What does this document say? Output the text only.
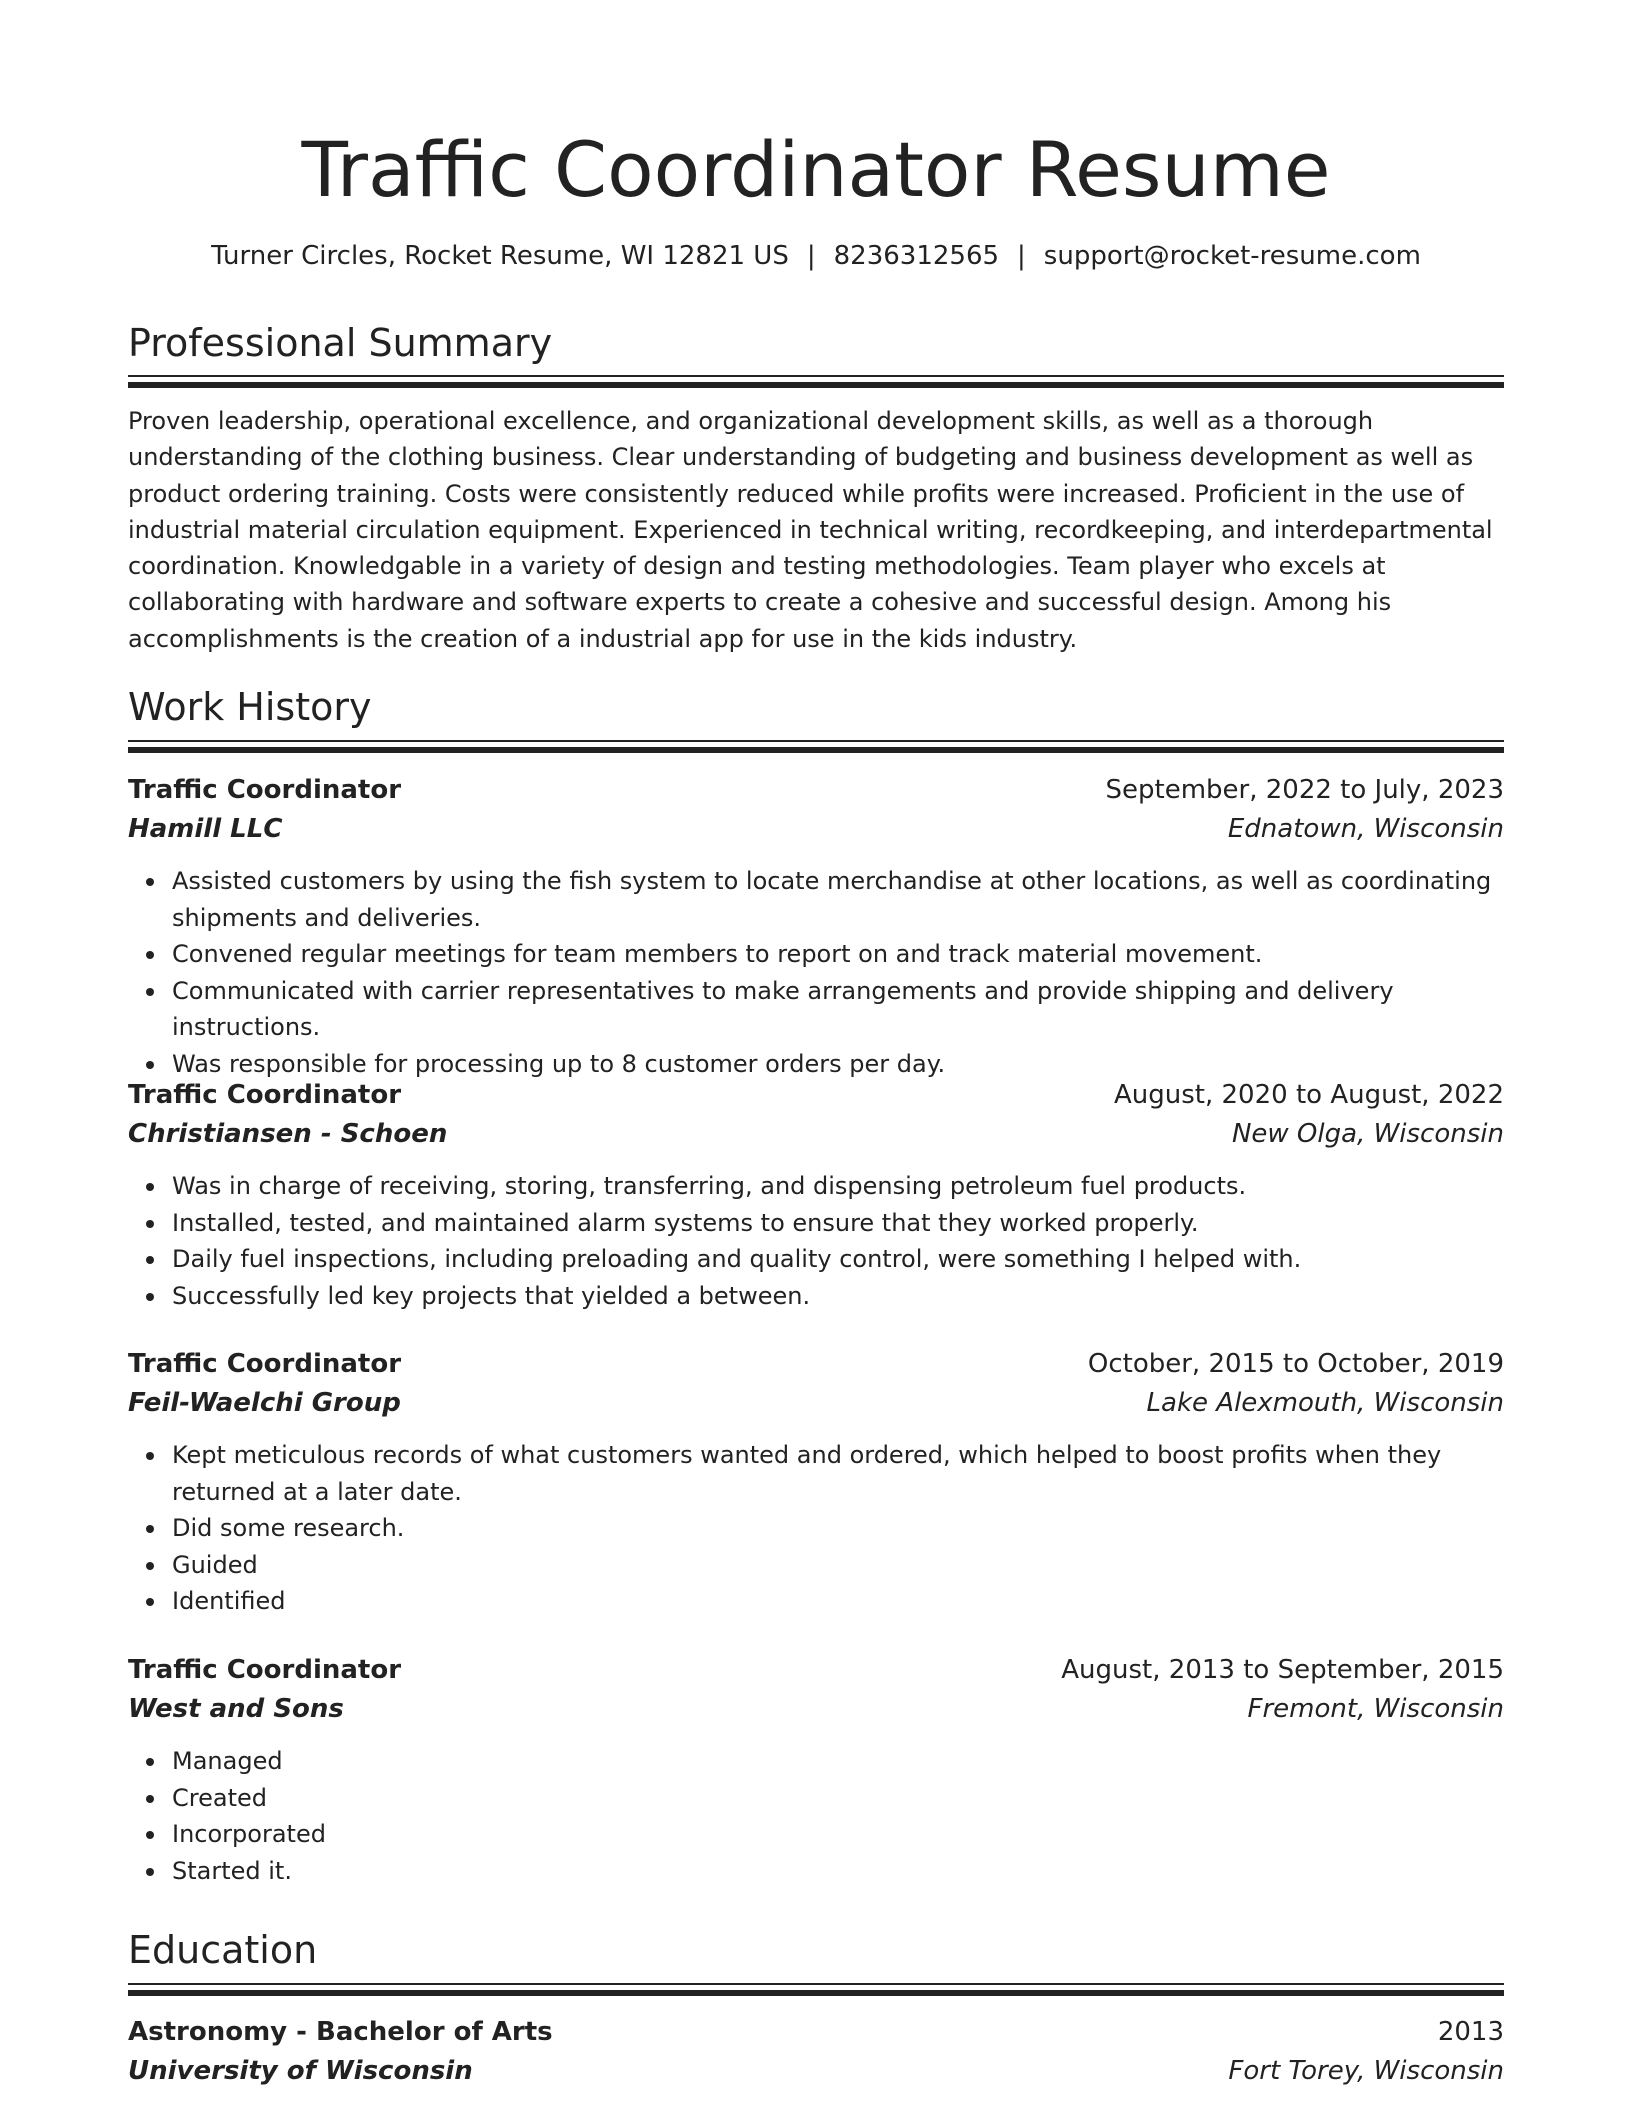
Traffic Coordinator Resume
Turner Circles, Rocket Resume, WI 12821 US | 8236312565 | support@rocket-resume.com
Professional Summary

Proven leadership, operational excellence, and organizational development skills, as well as a thorough understanding of the clothing business. Clear understanding of budgeting and business development as well as product ordering training. Costs were consistently reduced while profits were increased. Proficient in the use of industrial material circulation equipment. Experienced in technical writing, recordkeeping, and interdepartmental coordination. Knowledgable in a variety of design and testing methodologies. Team player who excels at collaborating with hardware and software experts to create a cohesive and successful design. Among his accomplishments is the creation of a industrial app for use in the kids industry.

Work History
Traffic Coordinator	September, 2022 to July, 2023
Hamill LLC	Ednatown, Wisconsin
Assisted customers by using the fish system to locate merchandise at other locations, as well as coordinating shipments and deliveries.
Convened regular meetings for team members to report on and track material movement.
Communicated with carrier representatives to make arrangements and provide shipping and delivery instructions.
Was responsible for processing up to 8 customer orders per day.
Traffic Coordinator	August, 2020 to August, 2022
Christiansen - Schoen	New Olga, Wisconsin
Was in charge of receiving, storing, transferring, and dispensing petroleum fuel products.
Installed, tested, and maintained alarm systems to ensure that they worked properly.
Daily fuel inspections, including preloading and quality control, were something I helped with.
Successfully led key projects that yielded a between.
Traffic Coordinator	October, 2015 to October, 2019
Feil-Waelchi Group	Lake Alexmouth, Wisconsin
Kept meticulous records of what customers wanted and ordered, which helped to boost profits when they returned at a later date.
Did some research.
Guided
Identified
Traffic Coordinator	August, 2013 to September, 2015
West and Sons	Fremont, Wisconsin
Managed
Created
Incorporated
Started it.
Education
Astronomy - Bachelor of Arts	2013
University of Wisconsin	Fort Torey, Wisconsin
